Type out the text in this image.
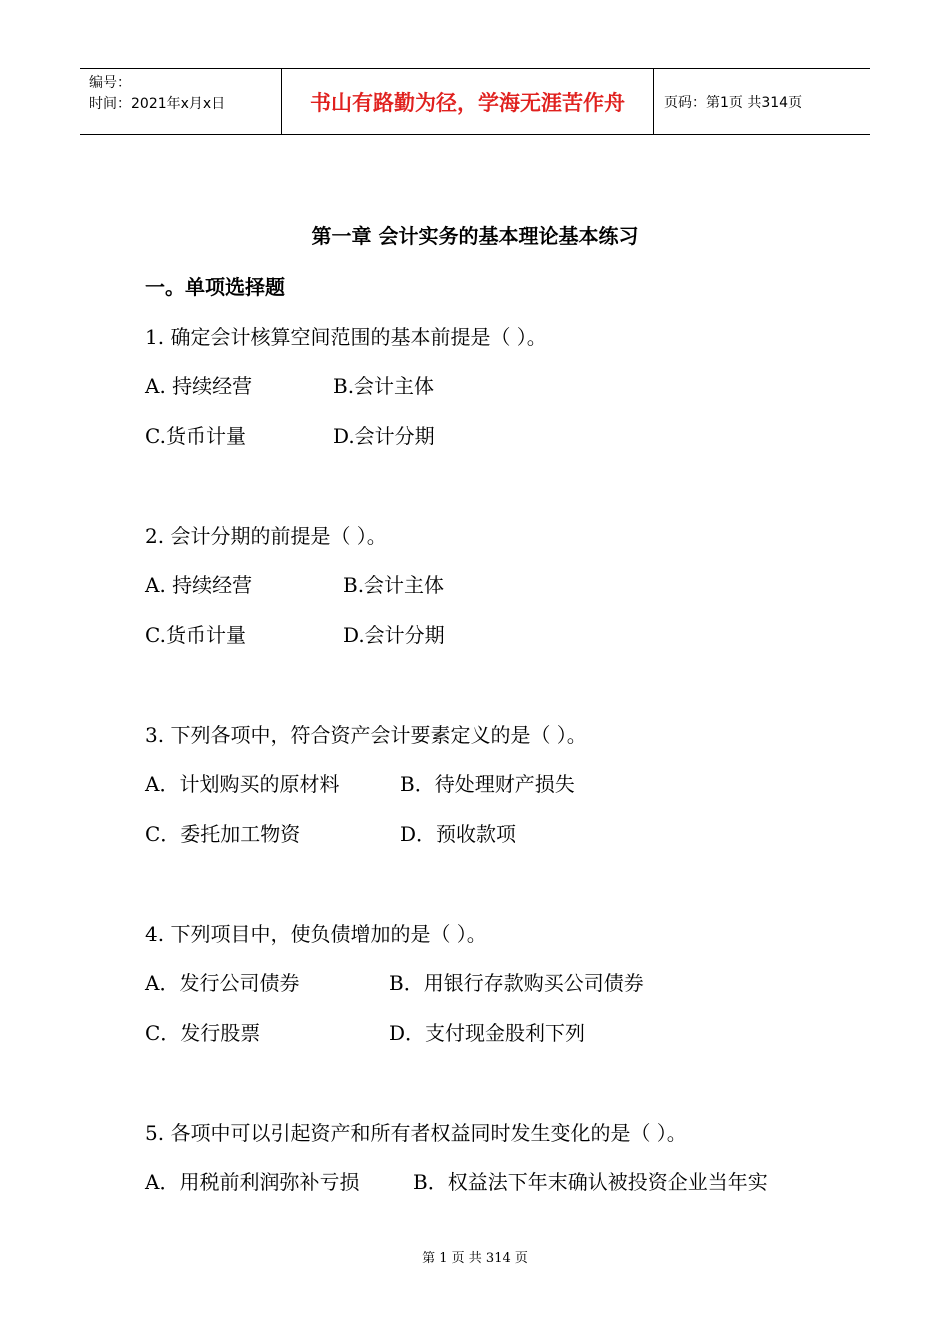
编号：
时间：2021年x月x日	书山有路勤为径，学海无涯苦作舟	页码：第1页 共314页
第一章 会计实务的基本理论基本练习
一。单项选择题
1. 确定会计核算空间范围的基本前提是（ ）。
A. 持续经营	B.会计主体
C.货币计量	D.会计分期
2. 会计分期的前提是（ ）。
A. 持续经营	B.会计主体
C.货币计量	D.会计分期
3. 下列各项中，符合资产会计要素定义的是（ ）。
A．计划购买的原材料	B．待处理财产损失
C．委托加工物资	D．预收款项
4. 下列项目中，使负债增加的是（ ）。
A．发行公司债券	B．用银行存款购买公司债券
C．发行股票	D．支付现金股利下列
5. 各项中可以引起资产和所有者权益同时发生变化的是（ ）。
A．用税前利润弥补亏损	B．权益法下年末确认被投资企业当年实
第 1 页 共 314 页
